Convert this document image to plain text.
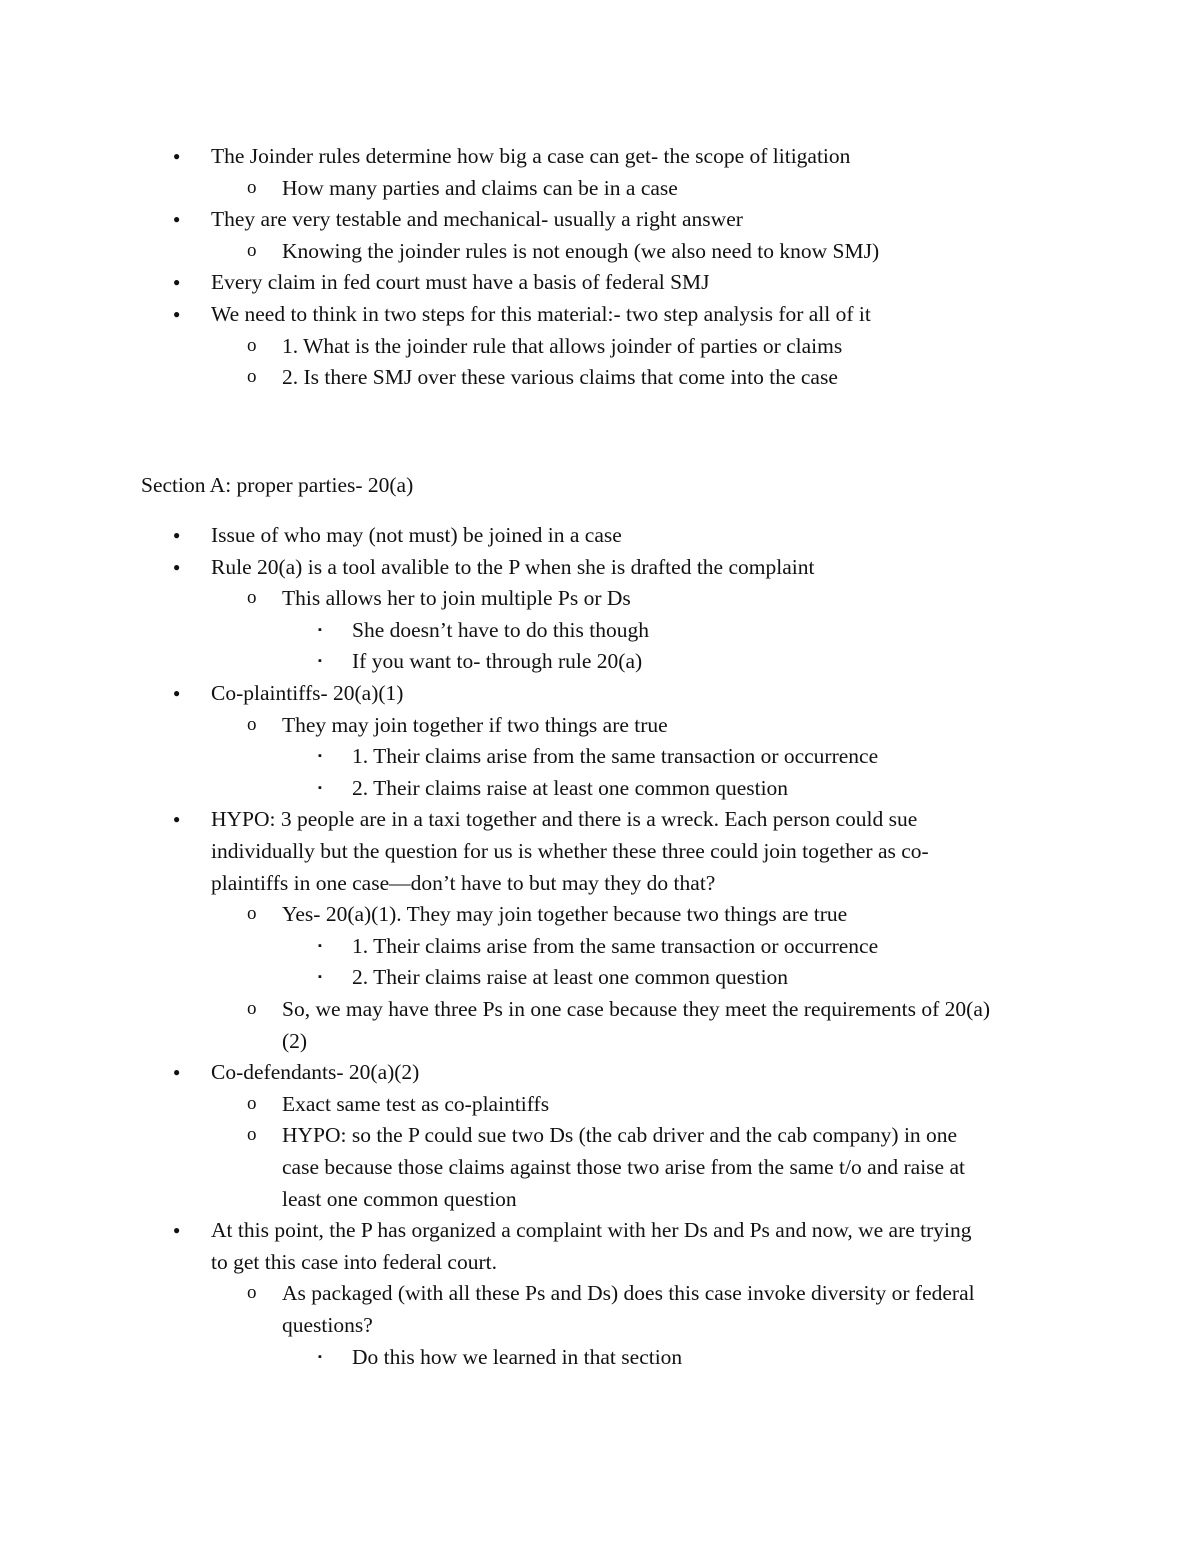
● The Joinder rules determine how big a case can get- the scope of litigation
o How many parties and claims can be in a case
● They are very testable and mechanical- usually a right answer
o Knowing the joinder rules is not enough (we also need to know SMJ)
● Every claim in fed court must have a basis of federal SMJ
● We need to think in two steps for this material:- two step analysis for all of it
o 1. What is the joinder rule that allows joinder of parties or claims
o 2. Is there SMJ over these various claims that come into the case
Section A: proper parties- 20(a)
● Issue of who may (not must) be joined in a case
● Rule 20(a) is a tool avalible to the P when she is drafted the complaint
o This allows her to join multiple Ps or Ds
▪ She doesn’t have to do this though
▪ If you want to- through rule 20(a)
● Co-plaintiffs- 20(a)(1)
o They may join together if two things are true
▪ 1. Their claims arise from the same transaction or occurrence
▪ 2. Their claims raise at least one common question
● HYPO: 3 people are in a taxi together and there is a wreck. Each person could sue
individually but the question for us is whether these three could join together as co-
plaintiffs in one case—don’t have to but may they do that?
o Yes- 20(a)(1). They may join together because two things are true
▪ 1. Their claims arise from the same transaction or occurrence
▪ 2. Their claims raise at least one common question
o So, we may have three Ps in one case because they meet the requirements of 20(a)
(2)
● Co-defendants- 20(a)(2)
o Exact same test as co-plaintiffs
o HYPO: so the P could sue two Ds (the cab driver and the cab company) in one
case because those claims against those two arise from the same t/o and raise at
least one common question
● At this point, the P has organized a complaint with her Ds and Ps and now, we are trying
to get this case into federal court.
o As packaged (with all these Ps and Ds) does this case invoke diversity or federal
questions?
▪ Do this how we learned in that section
